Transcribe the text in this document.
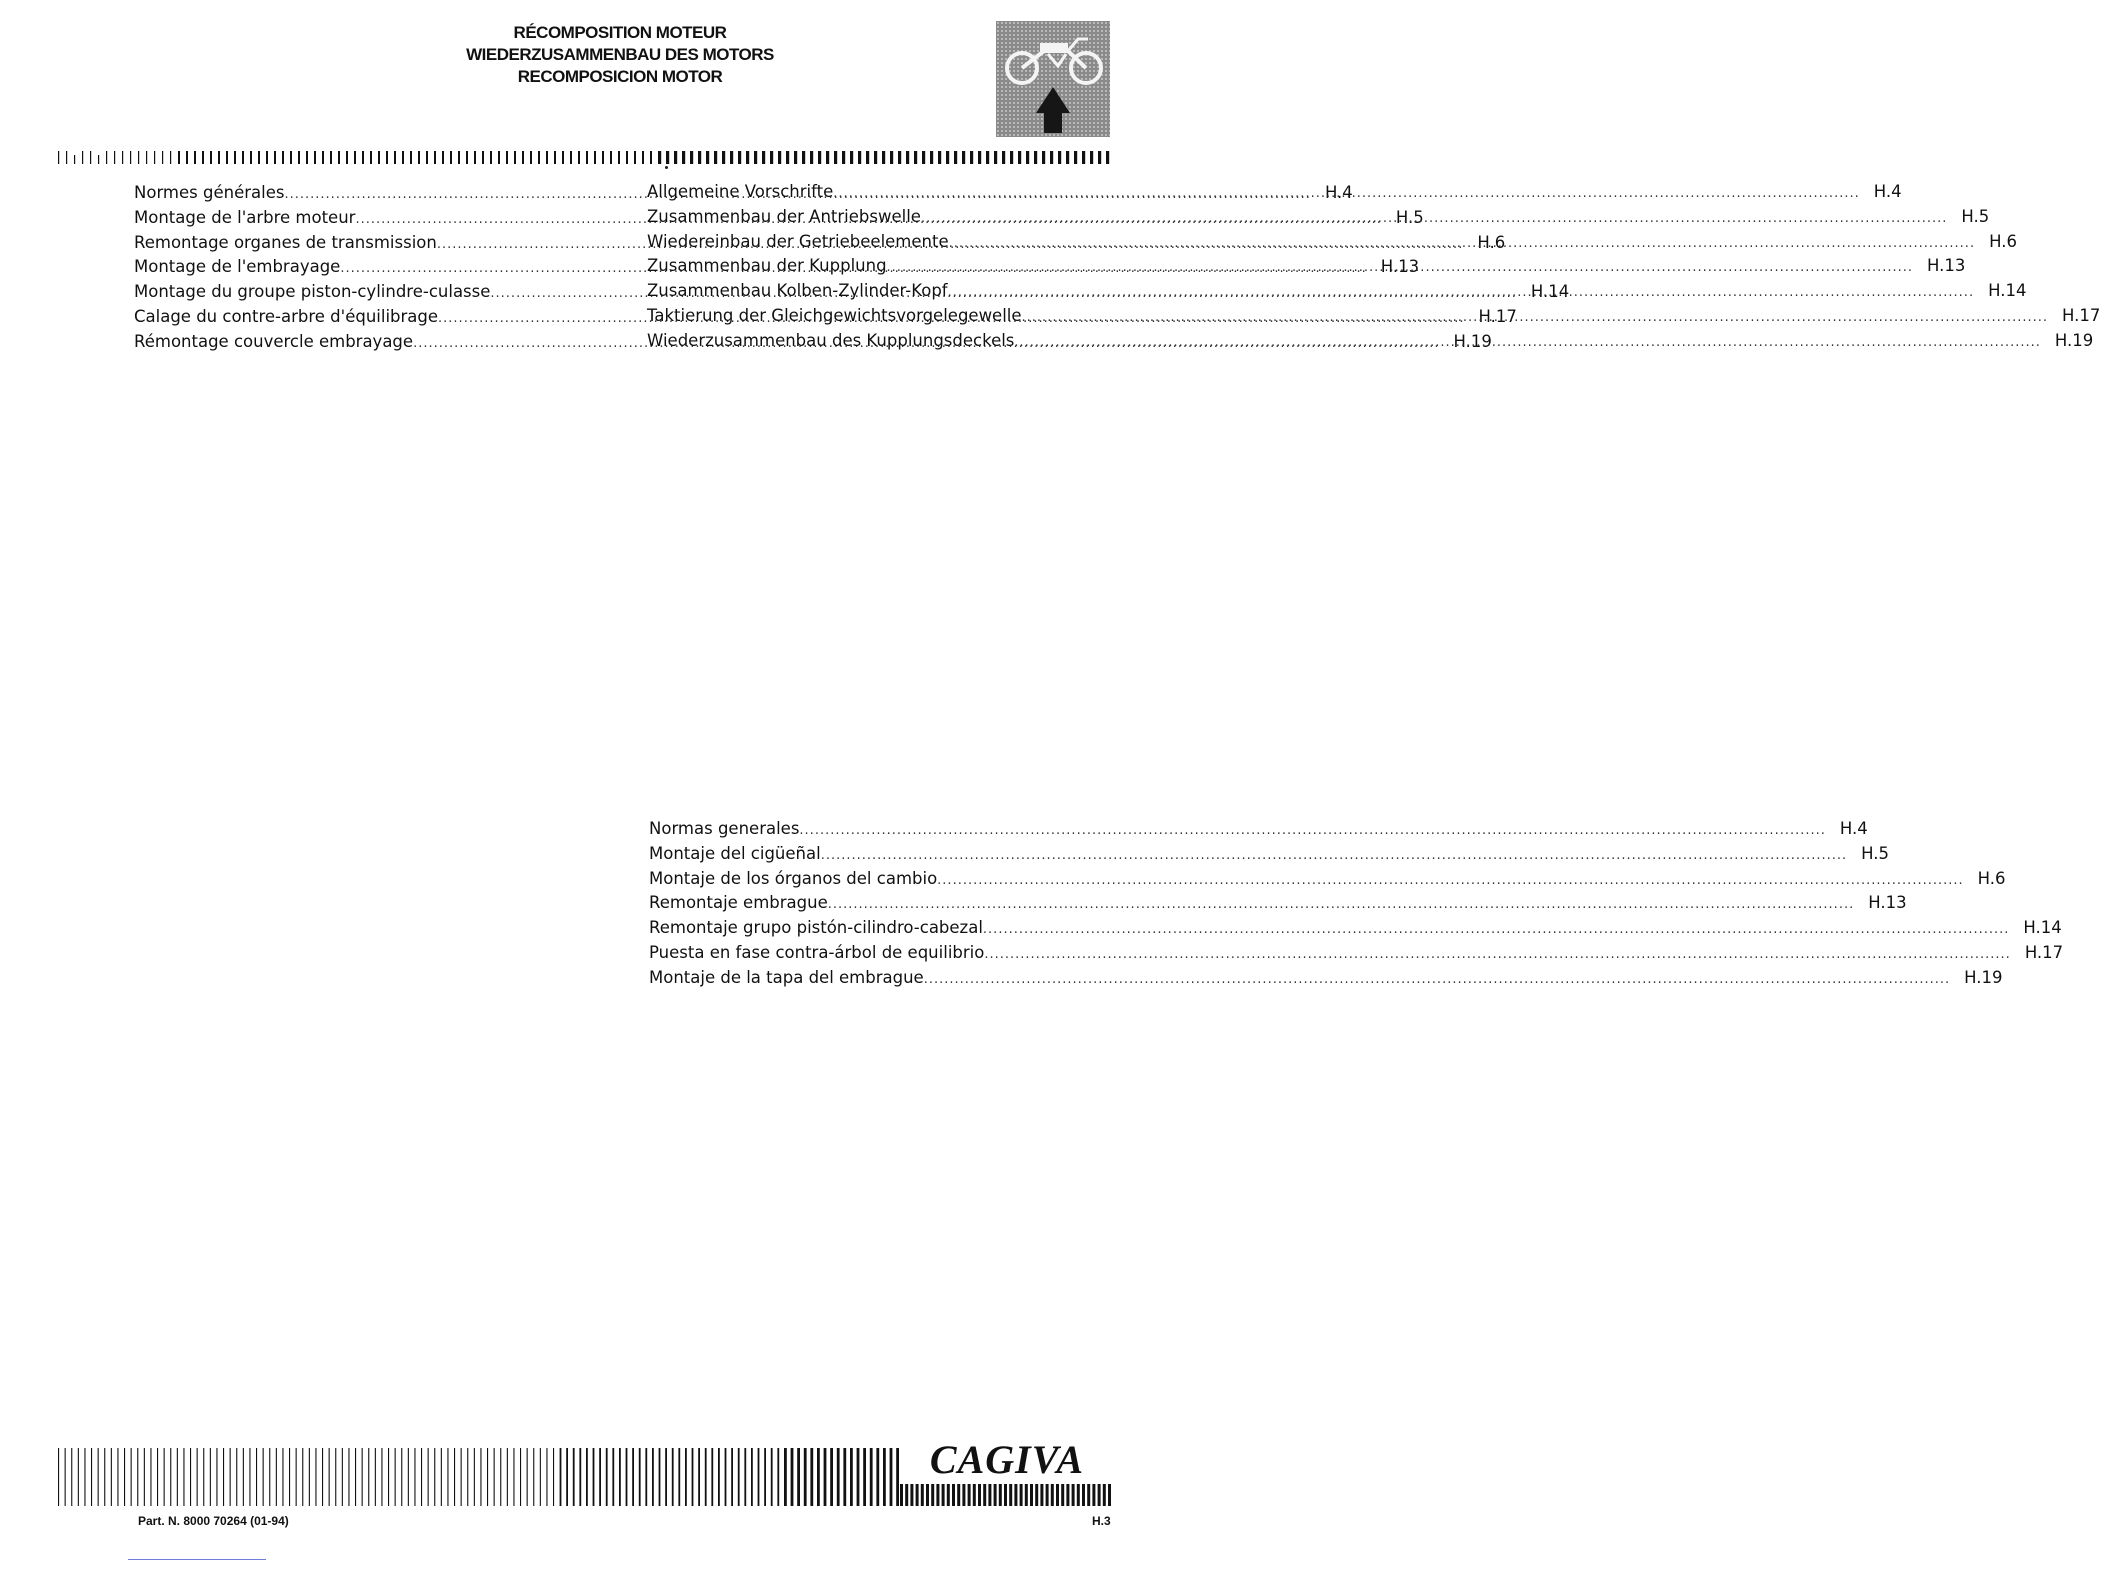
RÉCOMPOSITION MOTEUR
WIEDERZUSAMMENBAU DES MOTORS
RECOMPOSICION MOTOR
Normes générales .....	H.4
Montage de l'arbre moteur .....	H.5
Remontage organes de transmission .....	H.6
Montage de l'embrayage .....	H.13
Montage du groupe piston-cylindre-culasse .....	H.14
Calage du contre-arbre d'équilibrage .....	H.17
Rémontage couvercle embrayage .....	H.19
Allgemeine Vorschrifte .....	H.4
Zusammenbau der Antriebswelle .....	H.5
Wiedereinbau der Getriebeelemente .....	H.6
Zusammenbau der Kupplung .....	H.13
Zusammenbau Kolben-Zylinder-Kopf .....	H.14
Taktierung der Gleichgewichtsvorgelegewelle .....	H.17
Wiederzusammenbau des Kupplungsdeckels .....	H.19
Normas generales .....	H.4
Montaje del cigüeñal .....	H.5
Montaje de los órganos del cambio .....	H.6
Remontaje embrague .....	H.13
Remontaje grupo pistón-cilindro-cabezal .....	H.14
Puesta en fase contra-árbol de equilibrio .....	H.17
Montaje de la tapa del embrague .....	H.19
CAGIVA
Part. N. 8000 70264 (01-94)	H.3
